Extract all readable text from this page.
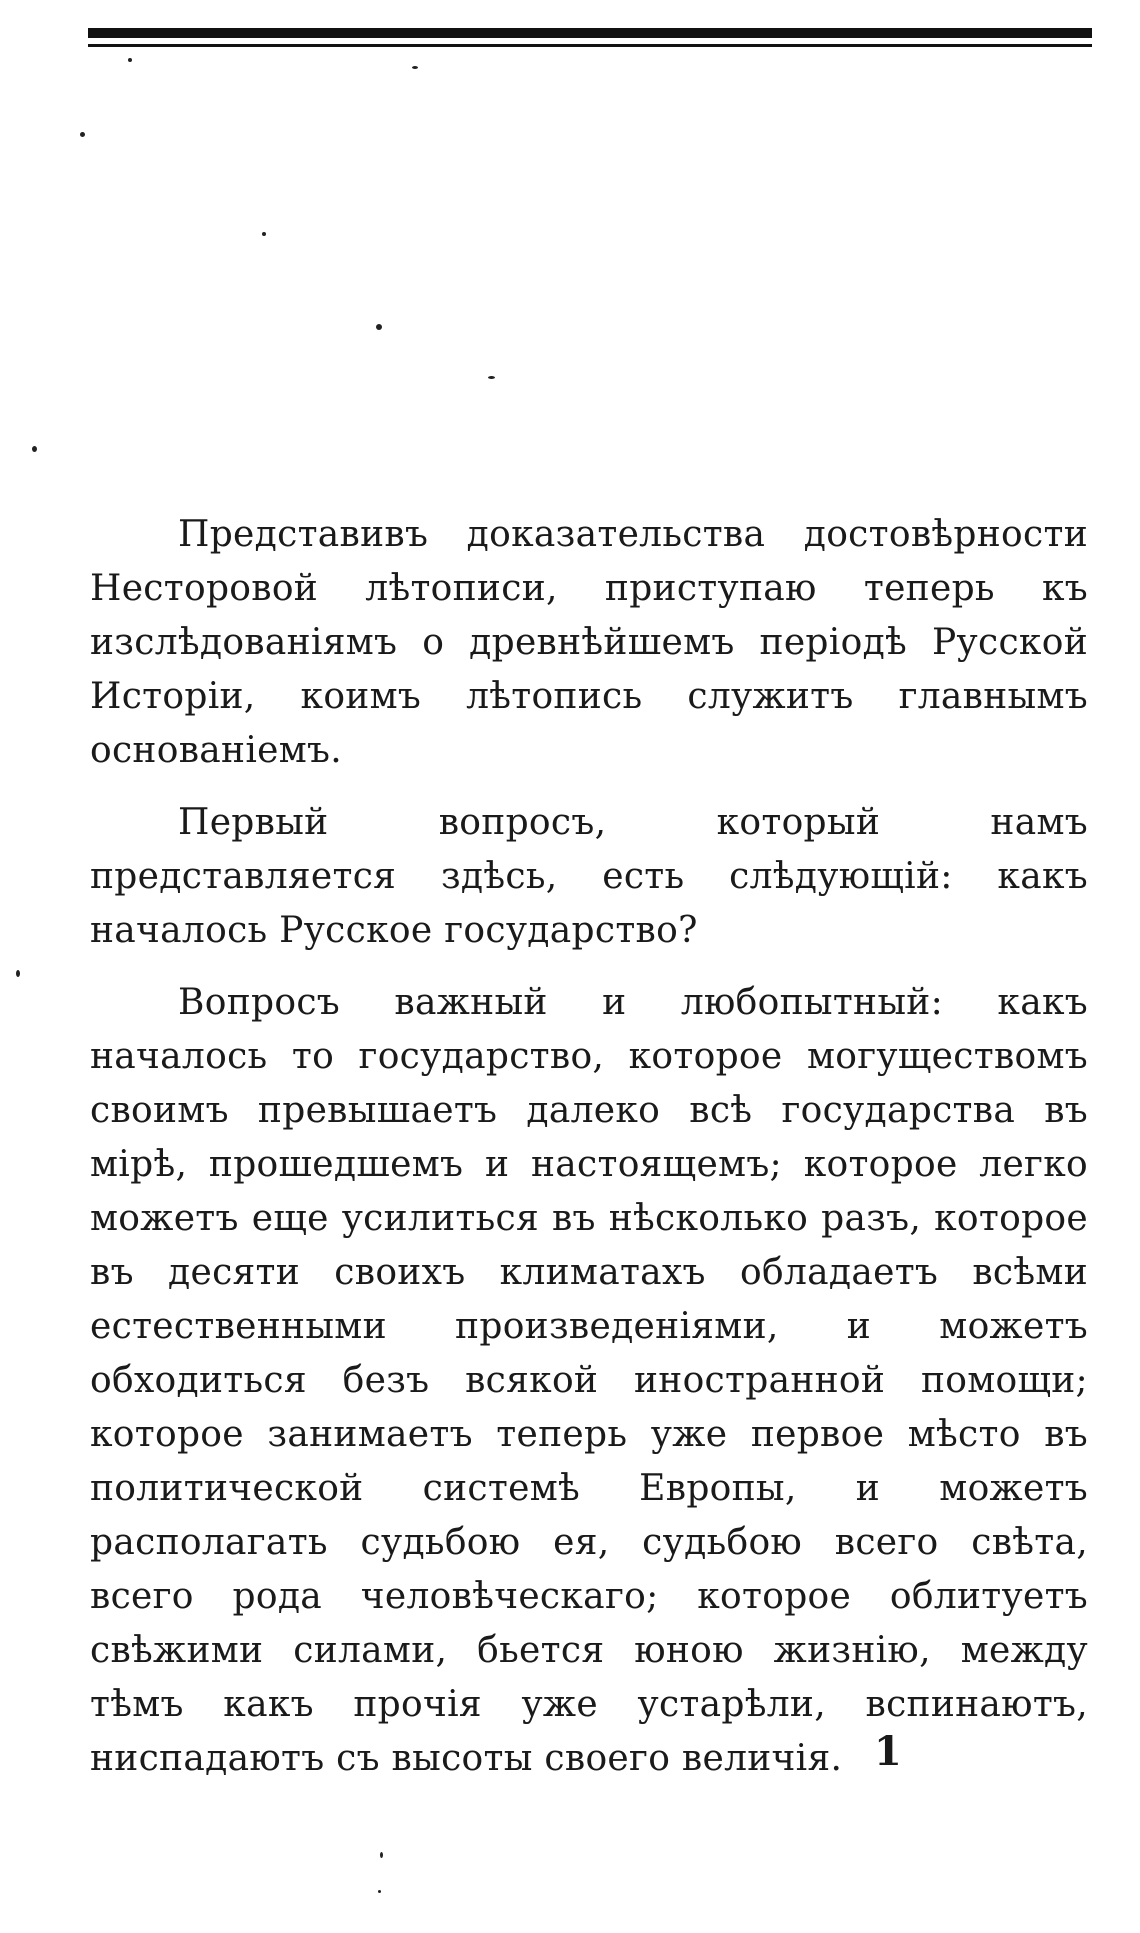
Представивъ доказательства достовѣрности Несторовой лѣтописи, приступаю теперь къ изслѣдованіямъ о древнѣйшемъ періодѣ Русской Исторіи, коимъ лѣтопись служитъ главнымъ основаніемъ.

Первый вопросъ, который намъ представляется здѣсь, есть слѣдующій: какъ началось Русское государство?

Вопросъ важный и любопытный: какъ началось то государство, которое могуществомъ своимъ превышаетъ далеко всѣ государства въ мірѣ, прошедшемъ и настоящемъ; которое легко можетъ еще усилиться въ нѣсколько разъ, которое въ десяти своихъ климатахъ обладаетъ всѣми естественными произведеніями, и можетъ обходиться безъ всякой иностранной помощи; которое занимаетъ теперь уже первое мѣсто въ политической системѣ Европы, и можетъ располагать судьбою ея, судьбою всего свѣта, всего рода человѣческаго; которое облитуетъ свѣжими силами, бьется юною жизнію, между тѣмъ какъ прочія уже устарѣли, вспинаютъ, ниспадаютъ съ высоты своего величія. 1
